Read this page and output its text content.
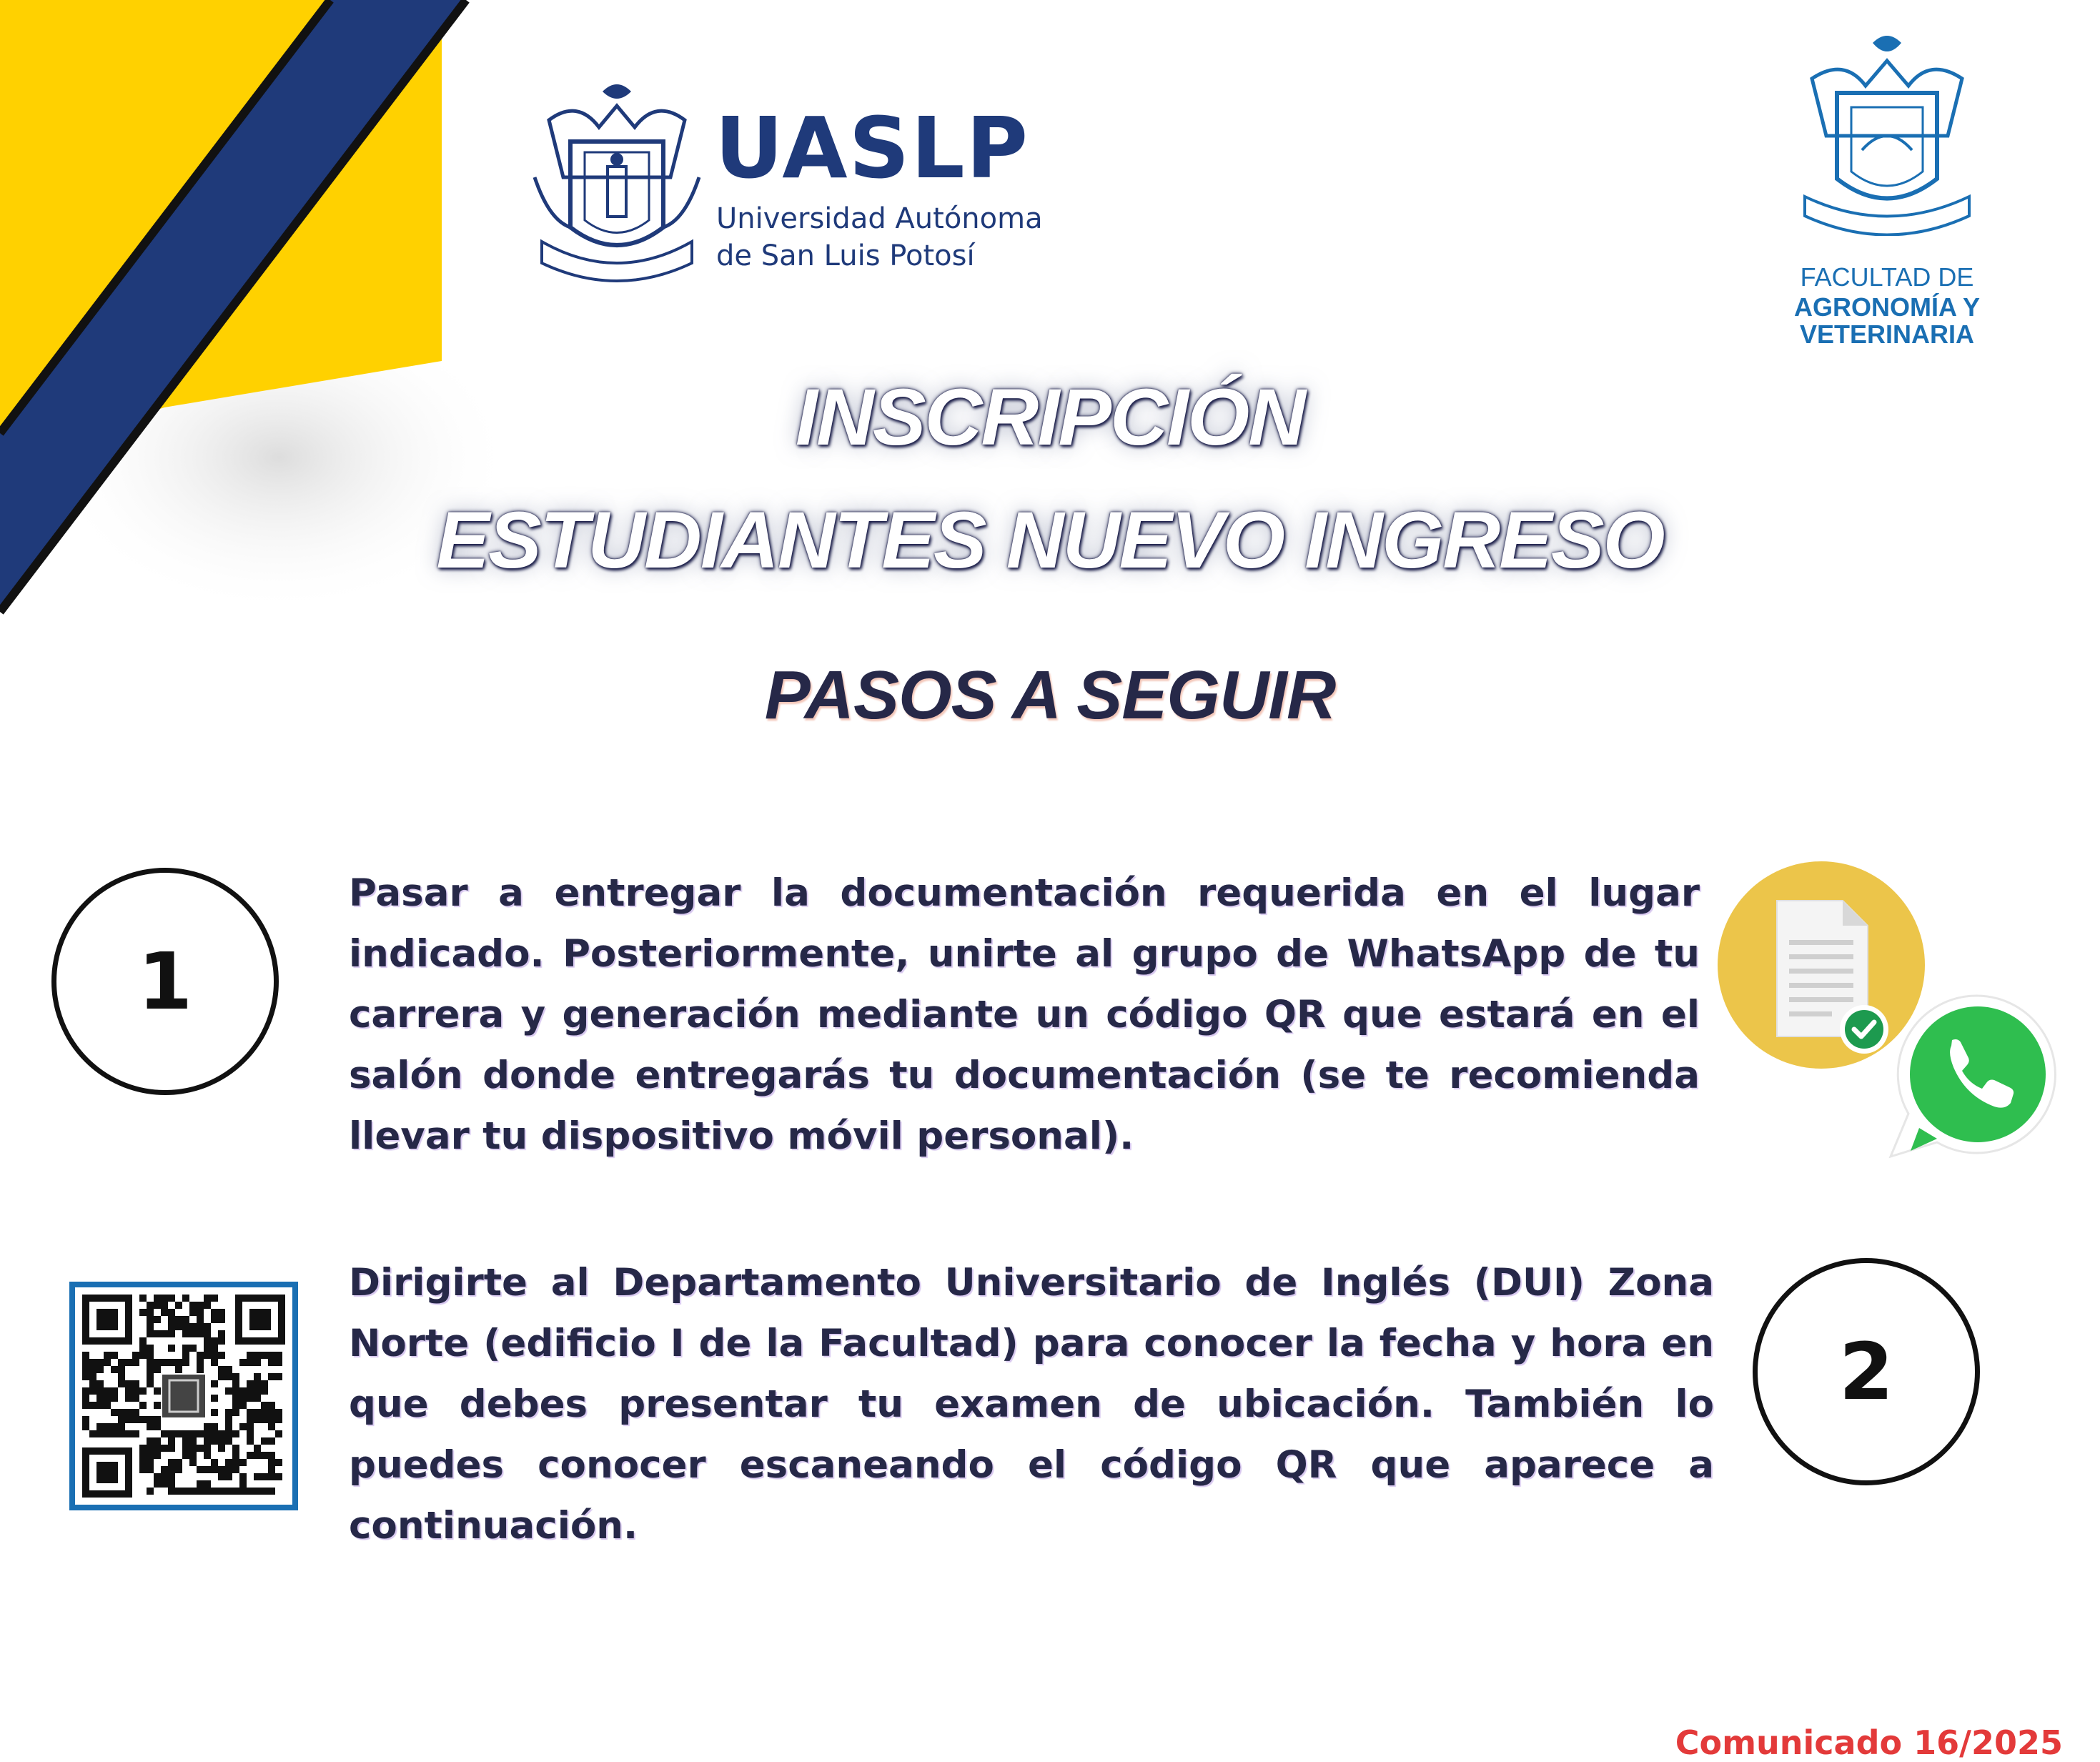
UASLP
Universidad Autónoma
de San Luis Potosí
FACULTAD DE
AGRONOMÍA Y
VETERINARIA
INSCRIPCIÓN
ESTUDIANTES NUEVO INGRESO
PASOS A SEGUIR
1

Pasar a entregar la documentación requerida en el lugar indicado. Posteriormente, unirte al grupo de WhatsApp de tu carrera y generación mediante un código QR que estará en el salón donde entregarás tu documentación (se te recomienda llevar tu dispositivo móvil personal).

Dirigirte al Departamento Universitario de Inglés (DUI) Zona Norte (edificio I de la Facultad) para conocer la fecha y hora en que debes presentar tu examen de ubicación. También lo puedes conocer escaneando el código QR que aparece a continuación.

2
Comunicado 16/2025
